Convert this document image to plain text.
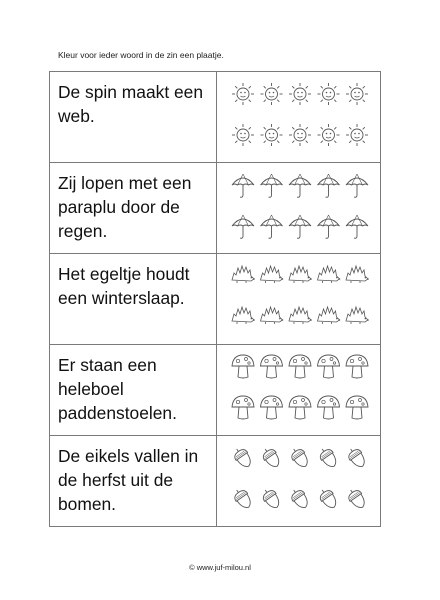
Kleur voor ieder woord in de zin een plaatje.
De spin maakt een web.

Zij lopen met een paraplu door de regen.

Het egeltje houdt een winterslaap.

Er staan een heleboel paddenstoelen.

De eikels vallen in de herfst uit de bomen.

© www.juf-milou.nl
